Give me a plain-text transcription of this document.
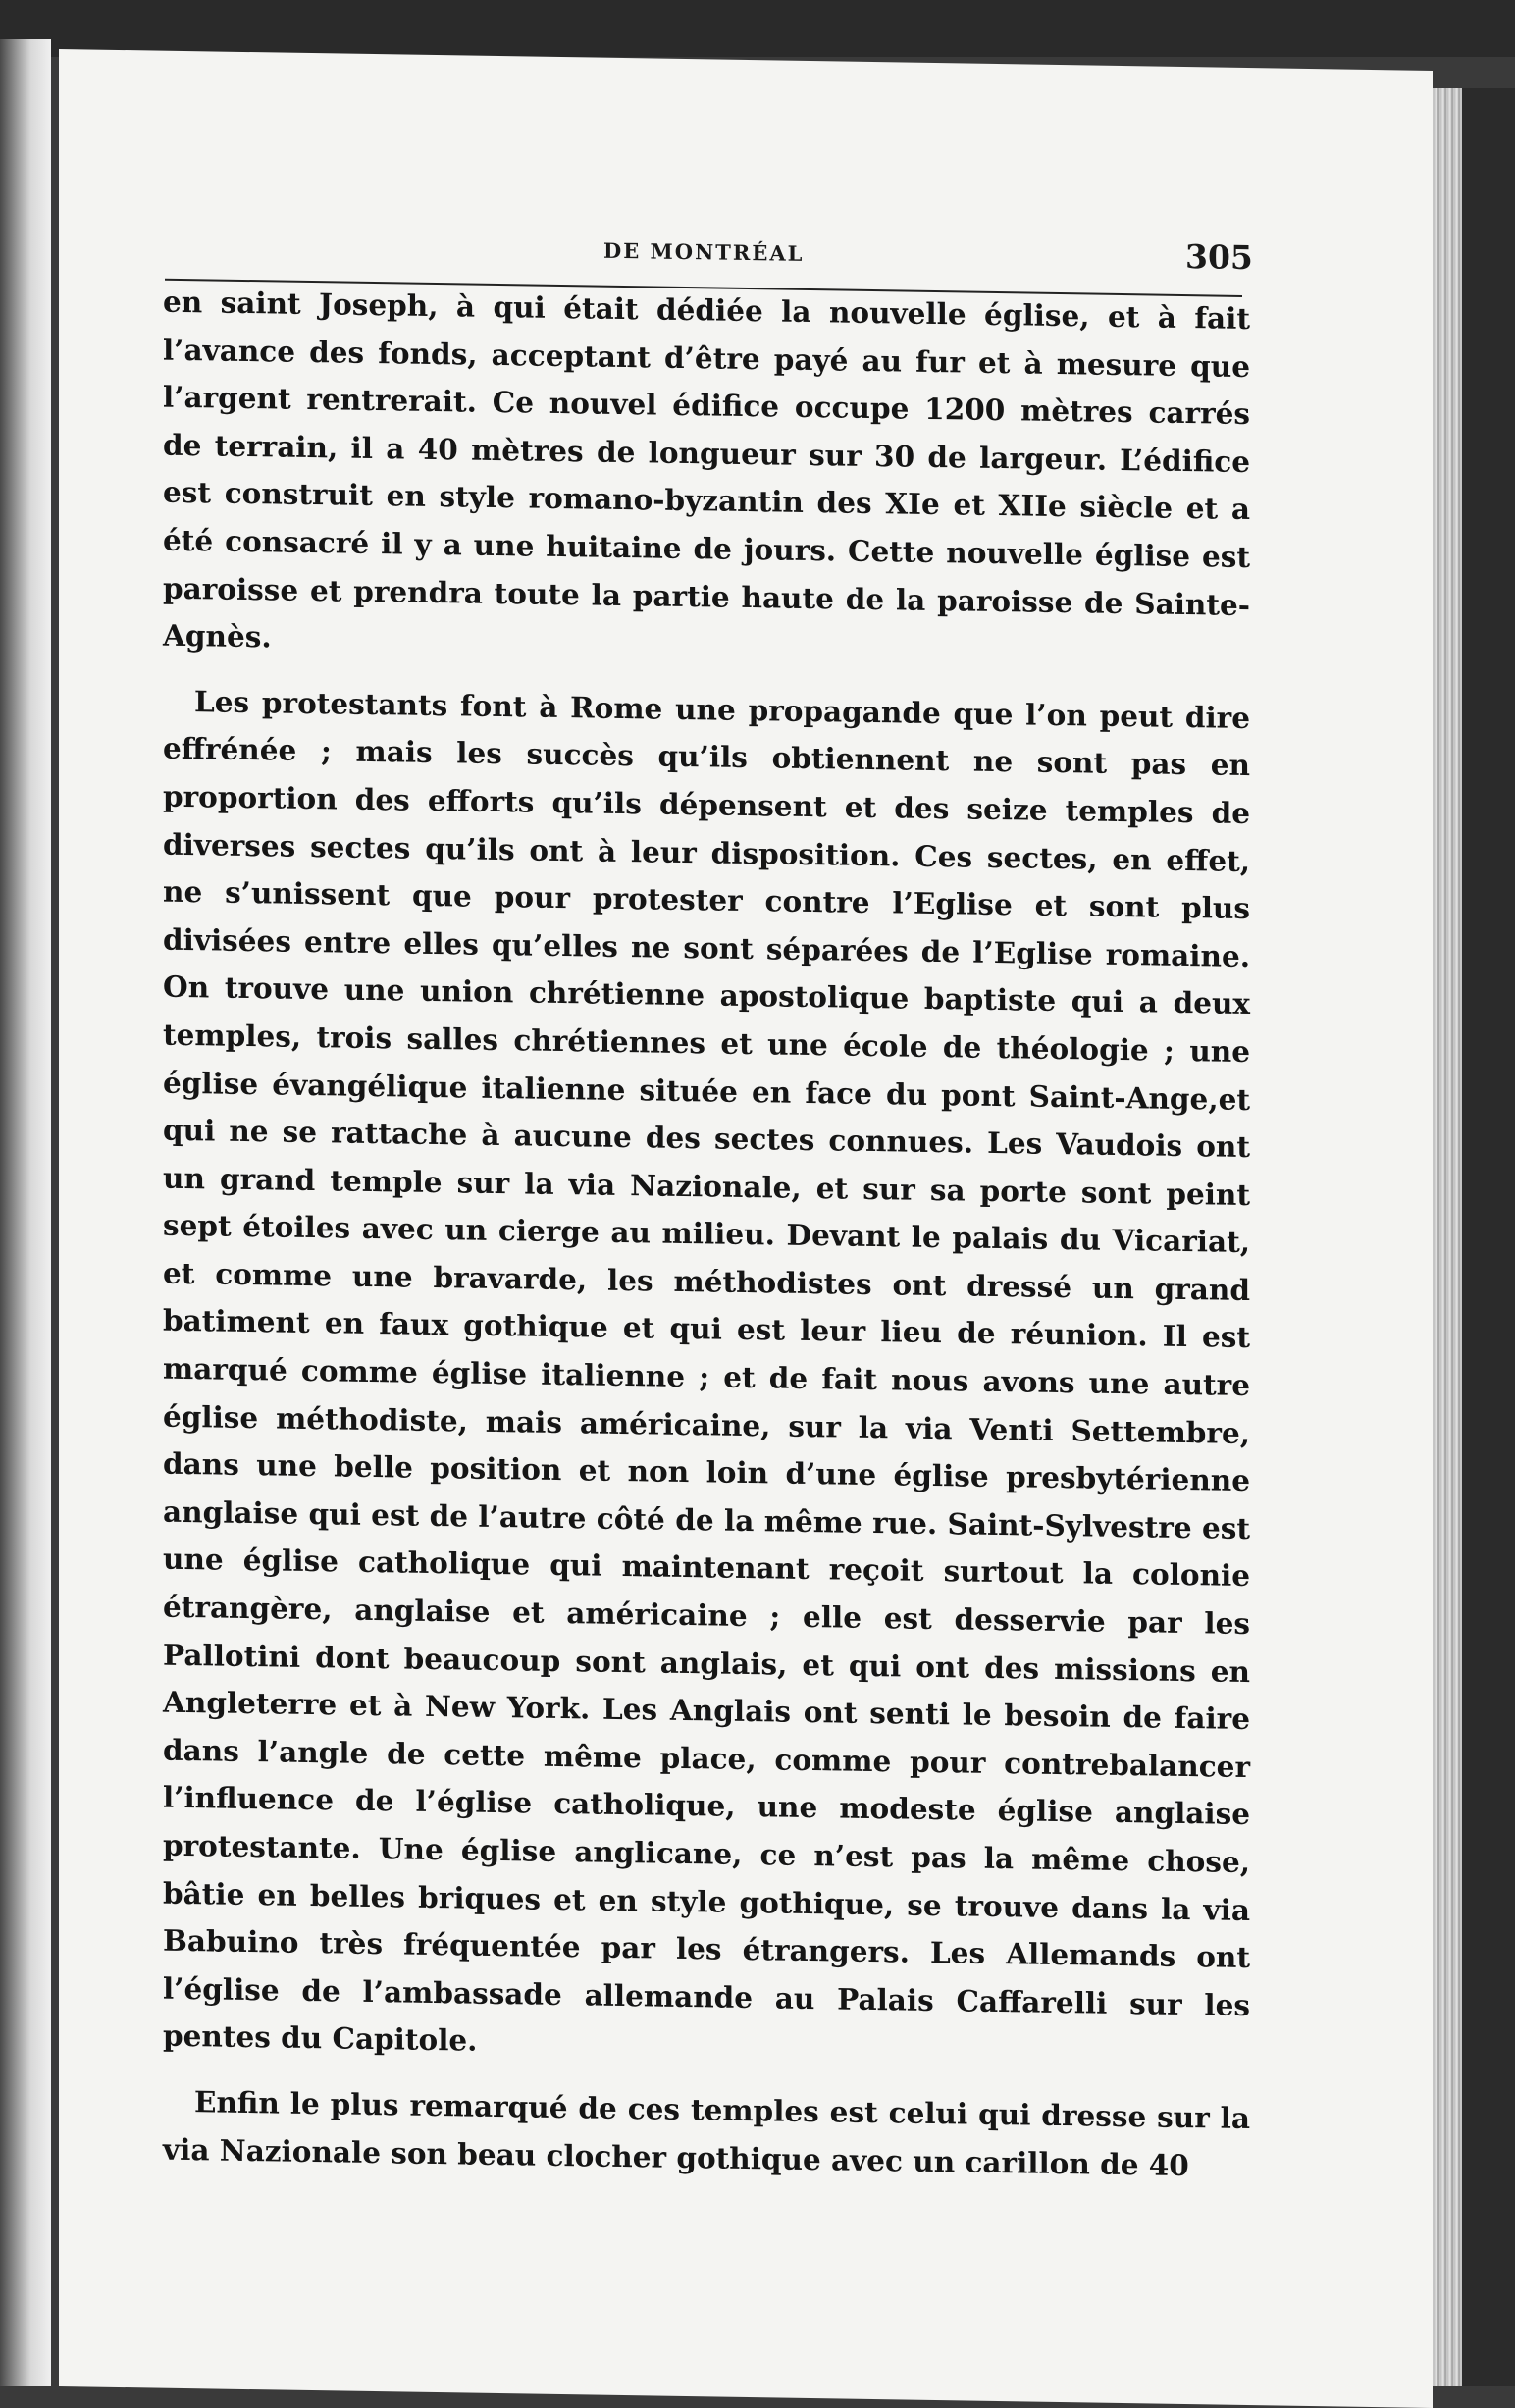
DE MONTRÉAL	305

en saint Joseph, à qui était dédiée la nouvelle église, et à fait l’avance des fonds, acceptant d’être payé au fur et à mesure que l’argent rentrerait. Ce nouvel édifice occupe 1200 mètres carrés de terrain, il a 40 mètres de longueur sur 30 de largeur. L’édifice est construit en style romano-byzantin des XIe et XIIe siècle et a été consacré il y a une huitaine de jours. Cette nouvelle église est paroisse et prendra toute la partie haute de la paroisse de Sainte-Agnès.

Les protestants font à Rome une propagande que l’on peut dire effrénée ; mais les succès qu’ils obtiennent ne sont pas en proportion des efforts qu’ils dépensent et des seize temples de diverses sectes qu’ils ont à leur disposition. Ces sectes, en effet, ne s’unissent que pour protester contre l’Eglise et sont plus divisées entre elles qu’elles ne sont séparées de l’Eglise romaine. On trouve une union chrétienne apostolique baptiste qui a deux temples, trois salles chrétiennes et une école de théologie ; une église évangélique italienne située en face du pont Saint-Ange,et qui ne se rattache à aucune des sectes connues. Les Vaudois ont un grand temple sur la via Nazionale, et sur sa porte sont peint sept étoiles avec un cierge au milieu. Devant le palais du Vicariat, et comme une bravarde, les méthodistes ont dressé un grand batiment en faux gothique et qui est leur lieu de réunion. Il est marqué comme église italienne ; et de fait nous avons une autre église méthodiste, mais américaine, sur la via Venti Settembre, dans une belle position et non loin d’une église presbytérienne anglaise qui est de l’autre côté de la même rue. Saint-Sylvestre est une église catholique qui maintenant reçoit surtout la colonie étrangère, anglaise et américaine ; elle est desservie par les Pallotini dont beaucoup sont anglais, et qui ont des missions en Angleterre et à New York. Les Anglais ont senti le besoin de faire dans l’angle de cette même place, comme pour contrebalancer l’influence de l’église catholique, une modeste église anglaise protestante. Une église anglicane, ce n’est pas la même chose, bâtie en belles briques et en style gothique, se trouve dans la via Babuino très fréquentée par les étrangers. Les Allemands ont l’église de l’ambassade allemande au Palais Caffarelli sur les pentes du Capitole.

Enfin le plus remarqué de ces temples est celui qui dresse sur la via Nazionale son beau clocher gothique avec un carillon de 40
